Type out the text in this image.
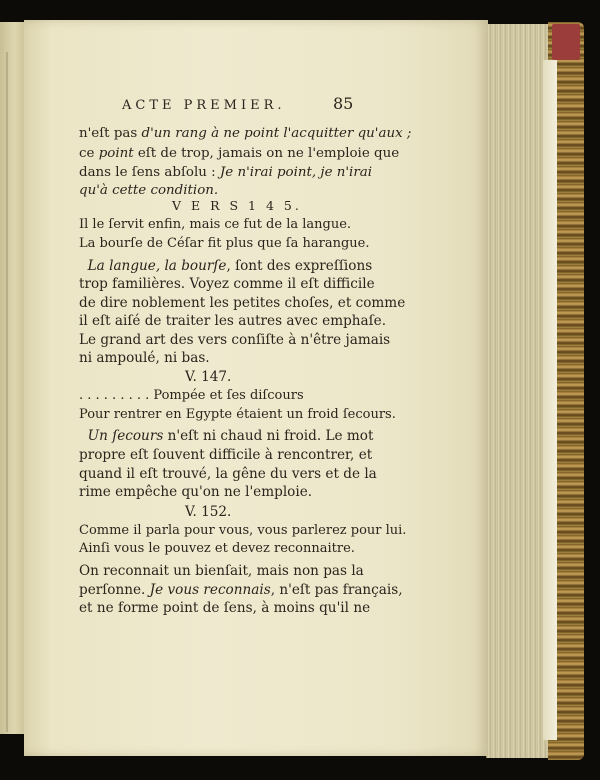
ACTE PREMIER.	85
n'eſt pas d'un rang à ne point l'acquitter qu'aux ;
ce point eſt de trop, jamais on ne l'emploie que
dans le ſens abſolu : Je n'irai point, je n'irai
qu'à cette condition.
V E R S 1 4 5.
Il le ſervit enfin, mais ce fut de la langue.
La bourſe de Céſar fit plus que ſa harangue.
La langue, la bourſe, ſont des expreſſions
trop familières. Voyez comme il eſt difficile
de dire noblement les petites choſes, et comme
il eſt aiſé de traiter les autres avec emphaſe.
Le grand art des vers conſiſte à n'être jamais
ni ampoulé, ni bas.
V. 147.
. . . . . . . . . Pompée et ſes diſcours
Pour rentrer en Egypte étaient un froid ſecours.
Un ſecours n'eſt ni chaud ni froid. Le mot
propre eſt ſouvent difficile à rencontrer, et
quand il eſt trouvé, la gêne du vers et de la
rime empêche qu'on ne l'emploie.
V. 152.
Comme il parla pour vous, vous parlerez pour lui.
Ainſi vous le pouvez et devez reconnaitre.
On reconnait un bienſait, mais non pas la
perſonne. Je vous reconnais, n'eſt pas français,
et ne forme point de ſens, à moins qu'il ne
